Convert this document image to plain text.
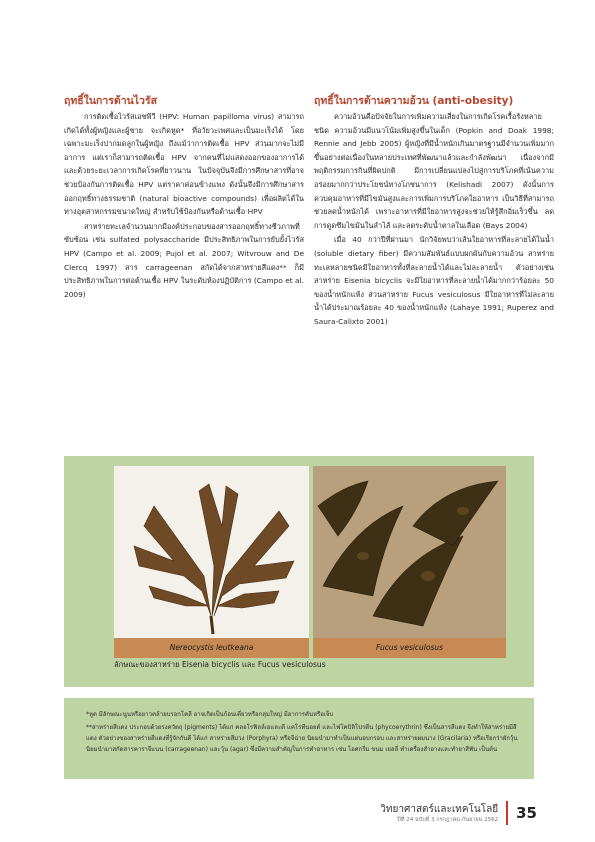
ฤทธิ์ในการต้านไวรัส

การติดเชื้อไวรัสเอชพีวี (HPV: Human papilloma virus) สามารถเกิดได้ทั้งผู้หญิงและผู้ชาย จะเกิดหูด* ที่อวัยวะเพศและเป็นมะเร็งได้ โดยเฉพาะมะเร็งปากมดลูกในผู้หญิง ถึงแม้ว่าการติดเชื้อ HPV ส่วนมากจะไม่มีอาการ แต่เราก็สามารถติดเชื้อ HPV จากคนที่ไม่แสดงออกของอาการได้ และด้วยระยะเวลาการเกิดโรคที่ยาวนาน ในปัจจุบันจึงมีการศึกษาสารที่อาจช่วยป้องกันการติดเชื้อ HPV แต่ราคาค่อนข้างแพง ดังนั้นจึงมีการศึกษาสารออกฤทธิ์ทางธรรมชาติ (natural bioactive compounds) เพื่อผลิตได้ในทางอุตสาหกรรมขนาดใหญ่ สำหรับใช้ป้องกันหรือต้านเชื้อ HPV

สาหร่ายทะเลจำนวนมากมีองค์ประกอบของสารออกฤทธิ์ทางชีวภาพที่ซับซ้อน เช่น sulfated polysaccharide มีประสิทธิภาพในการยับยั้งไวรัส HPV (Campo et al. 2009; Pujol et al. 2007; Witvrouw and De Clercq 1997) สาร carrageenan สกัดได้จากสาหร่ายสีแดง** ก็มีประสิทธิภาพในการต่อต้านเชื้อ HPV ในระดับห้องปฏิบัติการ (Campo et al. 2009)

ฤทธิ์ในการต้านความอ้วน (anti-obesity)

ความอ้วนคือปัจจัยในการเพิ่มความเสี่ยงในการเกิดโรคเรื้อรังหลายชนิด ความอ้วนมีแนวโน้มเพิ่มสูงขึ้นในเด็ก (Popkin and Doak 1998; Rennie and Jebb 2005) ผู้หญิงที่มีน้ำหนักเกินมาตรฐานมีจำนวนเพิ่มมากขึ้นอย่างต่อเนื่องในหลายประเทศที่พัฒนาแล้วและกำลังพัฒนา เนื่องจากมีพฤติกรรมการกินที่ผิดปกติ มีการเปลี่ยนแปลงไปสู่การบริโภคที่เน้นความอร่อยมากกว่าประโยชน์ทางโภชนาการ (Kelishadi 2007) ดังนั้นการควบคุมอาหารที่มีไขมันสูงและการเพิ่มการบริโภคใยอาหาร เป็นวิธีที่สามารถช่วยลดน้ำหนักได้ เพราะอาหารที่มีใยอาหารสูงจะช่วยให้รู้สึกอิ่มเร็วขึ้น ลดการดูดซึมไขมันในลำไส้ และลดระดับน้ำตาลในเลือด (Bays 2004)

เมื่อ 40 กว่าปีที่ผ่านมา นักวิจัยพบว่าเส้นใยอาหารที่ละลายได้ในน้ำ (soluble dietary fiber) มีความสัมพันธ์แบบผกผันกับความอ้วน สาหร่ายทะเลหลายชนิดมีใยอาหารทั้งที่ละลายน้ำได้และไม่ละลายน้ำ ตัวอย่างเช่น สาหร่าย Eisenia bicyclis จะมีใยอาหารที่ละลายน้ำได้มากกว่าร้อยละ 50 ของน้ำหนักแห้ง ส่วนสาหร่าย Fucus vesiculosus มีใยอาหารที่ไม่ละลายน้ำได้ประมาณร้อยละ 40 ของน้ำหนักแห้ง (Lahaye 1991; Ruperez and Saura-Calixto 2001)

Nereocystis leutkeana	Fucus vesiculosus
ลักษณะของสาหร่าย Eisenia bicyclis และ Fucus vesiculosus

*หูด มีลักษณะนูนหรือยาวคล้ายบรอกโคลี อาจเกิดเป็นก้อนเดี่ยวหรือกลุ่มใหญ่ มีอาการคันหรือเจ็บ

**สาหร่ายสีแดง ประกอบด้วยรงควัตถุ (pigments) ได้แก่ คลอโรฟิลล์เอและดี แคโรทีนอยด์ และไฟโคบิลิโปรตีน (phycoerythrin) ซึ่งเป็นสารสีแดง จึงทำให้สาหร่ายมีสีแดง ตัวอย่างของสาหร่ายสีแดงที่รู้จักกันดี ได้แก่ สาหร่ายสีม่วง (Porphyra) หรือจีฉ่าย นิยมนำมาทำเป็นแผ่นอบกรอบ และสาหร่ายผมนาง (Gracilaria) หรือเรียกว่าผักวุ้น นิยมนำมาสกัดสารคาราจีแนน (carrageenan) และวุ้น (agar) ซึ่งมีความสำคัญในการทำอาหาร เช่น ไอศกรีม ขนม เยลลี่ ทำเครื่องสำอางและทำยาสีฟัน เป็นต้น

วิทยาศาสตร์และเทคโนโลยี
ปีที่ 24 ฉบับที่ 3 กรกฎาคม-กันยายน 2562 35
